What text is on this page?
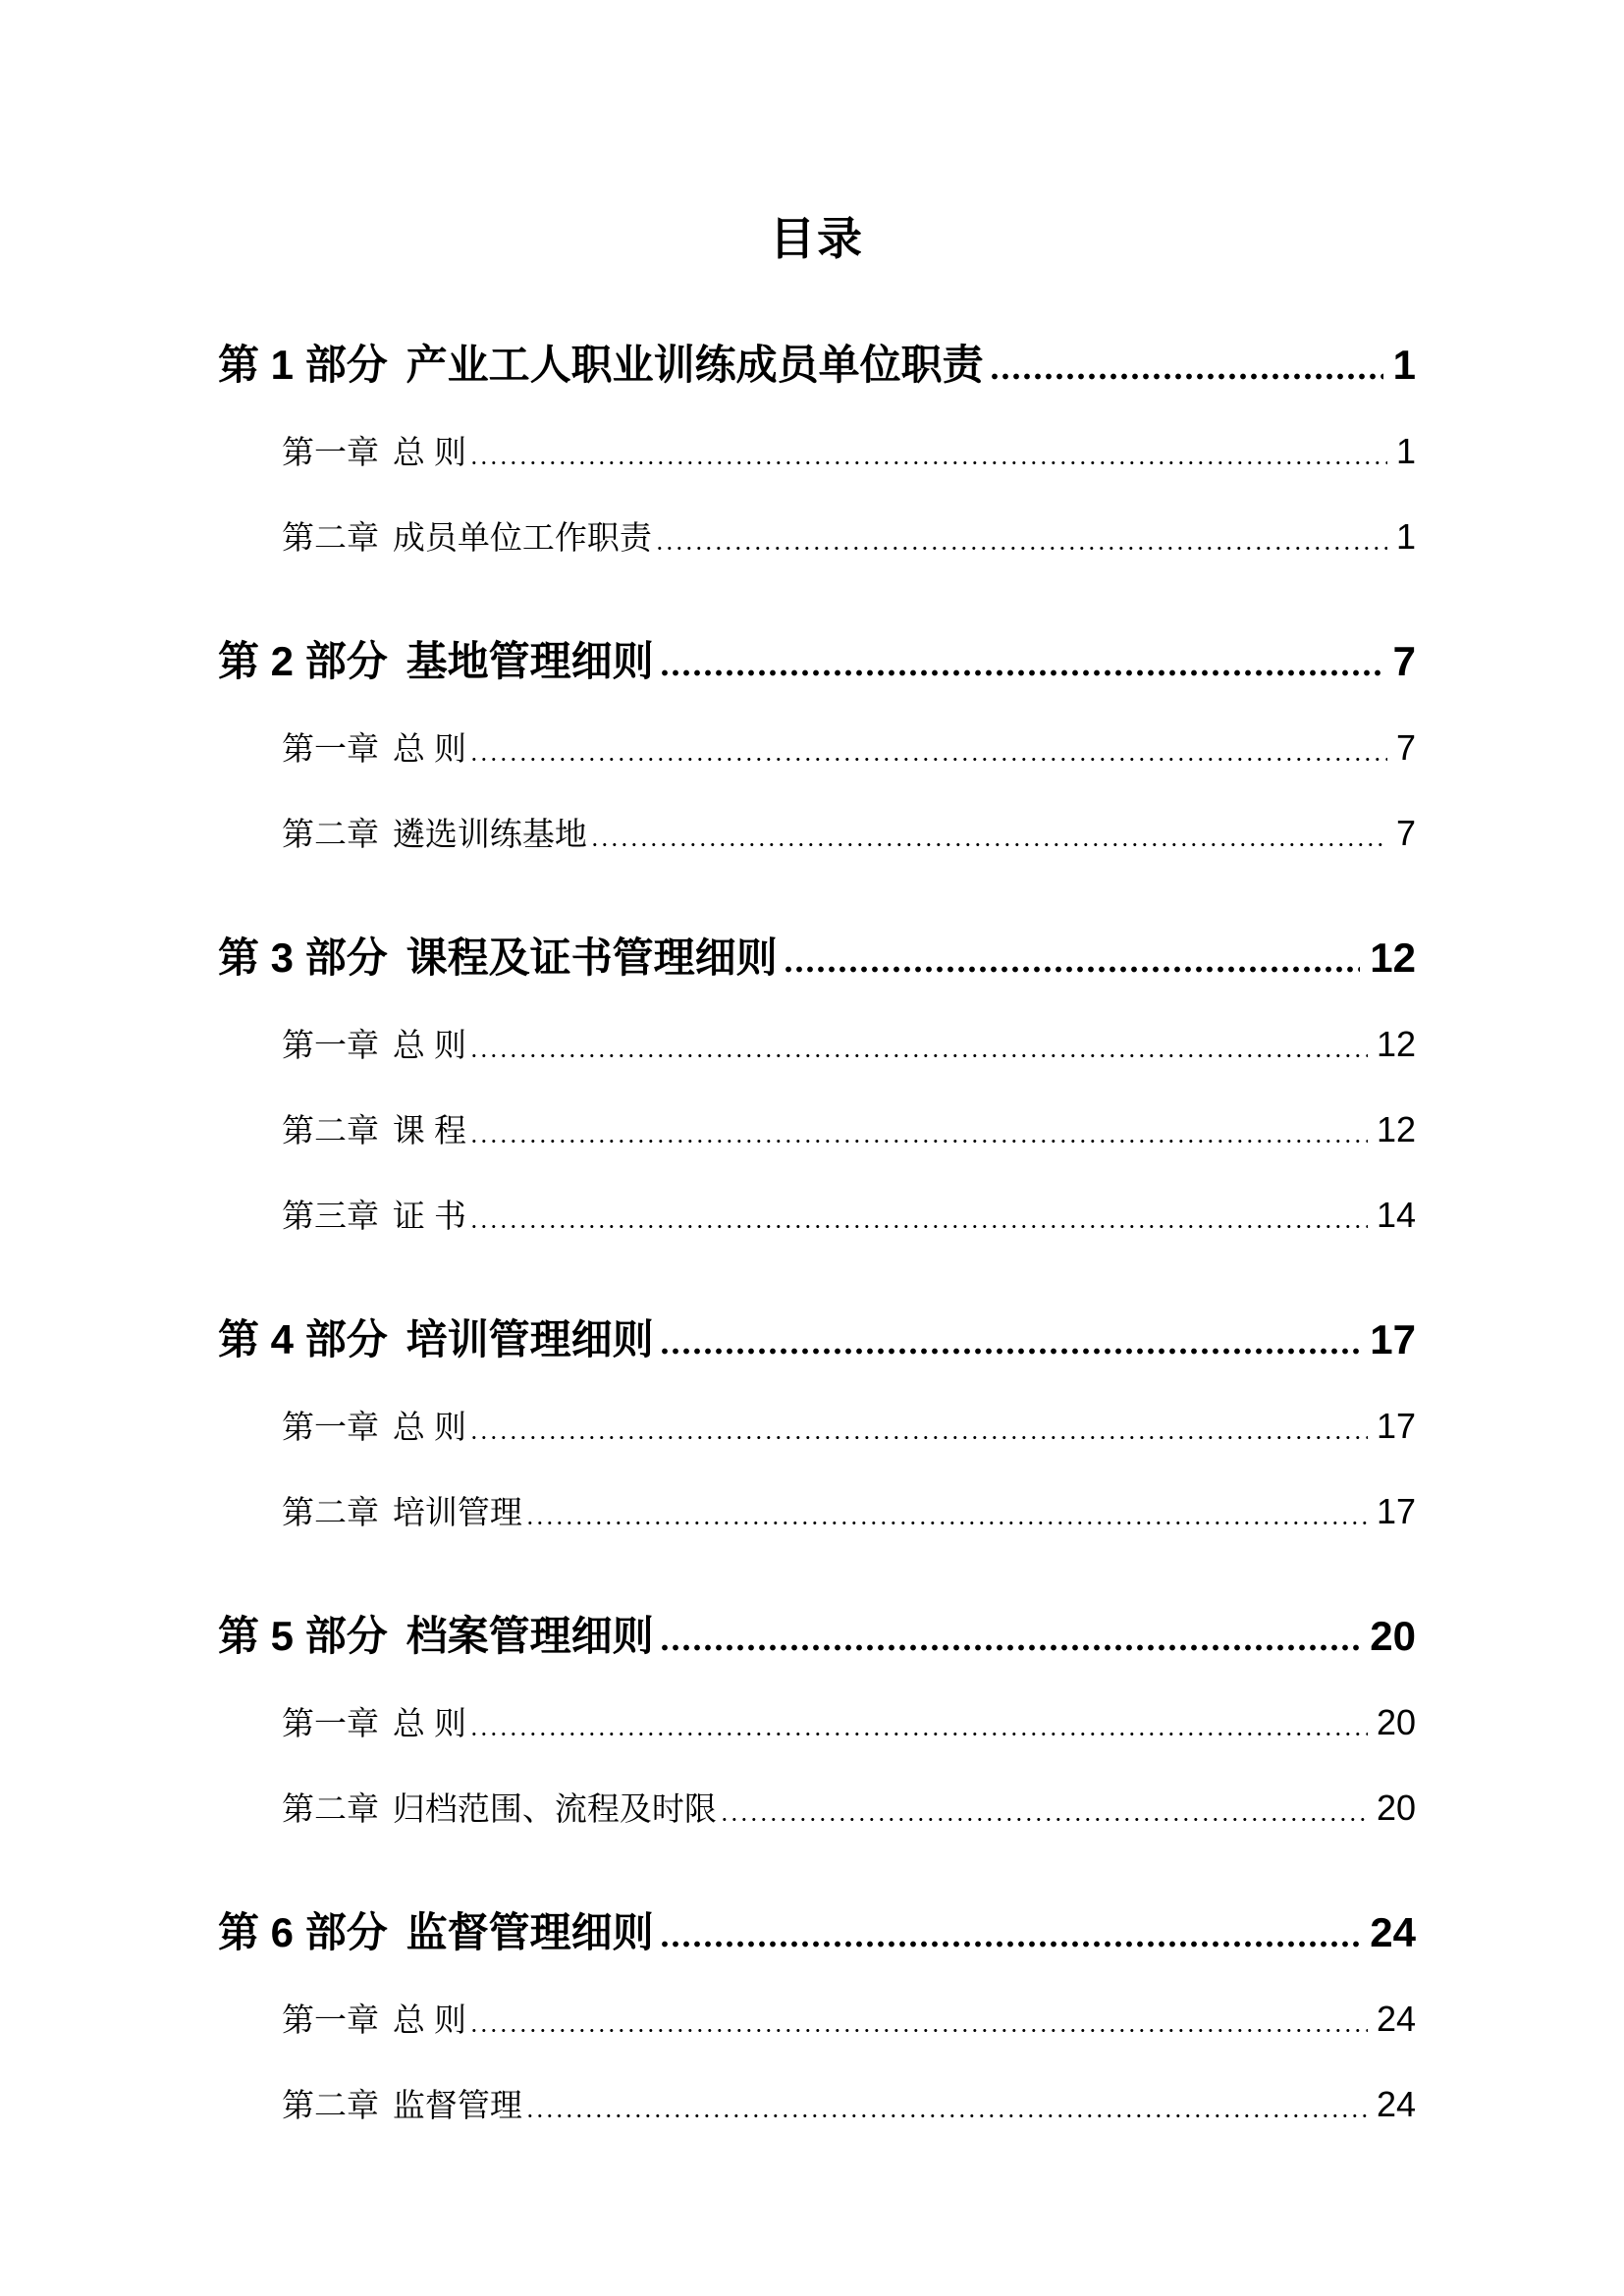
目录
第 1 部分 产业工人职业训练成员单位职责	1
第一章 总 则	1
第二章 成员单位工作职责	1
第 2 部分 基地管理细则	7
第一章 总 则	7
第二章 遴选训练基地	7
第 3 部分 课程及证书管理细则	12
第一章 总 则	12
第二章 课 程	12
第三章 证 书	14
第 4 部分 培训管理细则	17
第一章 总 则	17
第二章 培训管理	17
第 5 部分 档案管理细则	20
第一章 总 则	20
第二章 归档范围、流程及时限	20
第 6 部分 监督管理细则	24
第一章 总 则	24
第二章 监督管理	24
